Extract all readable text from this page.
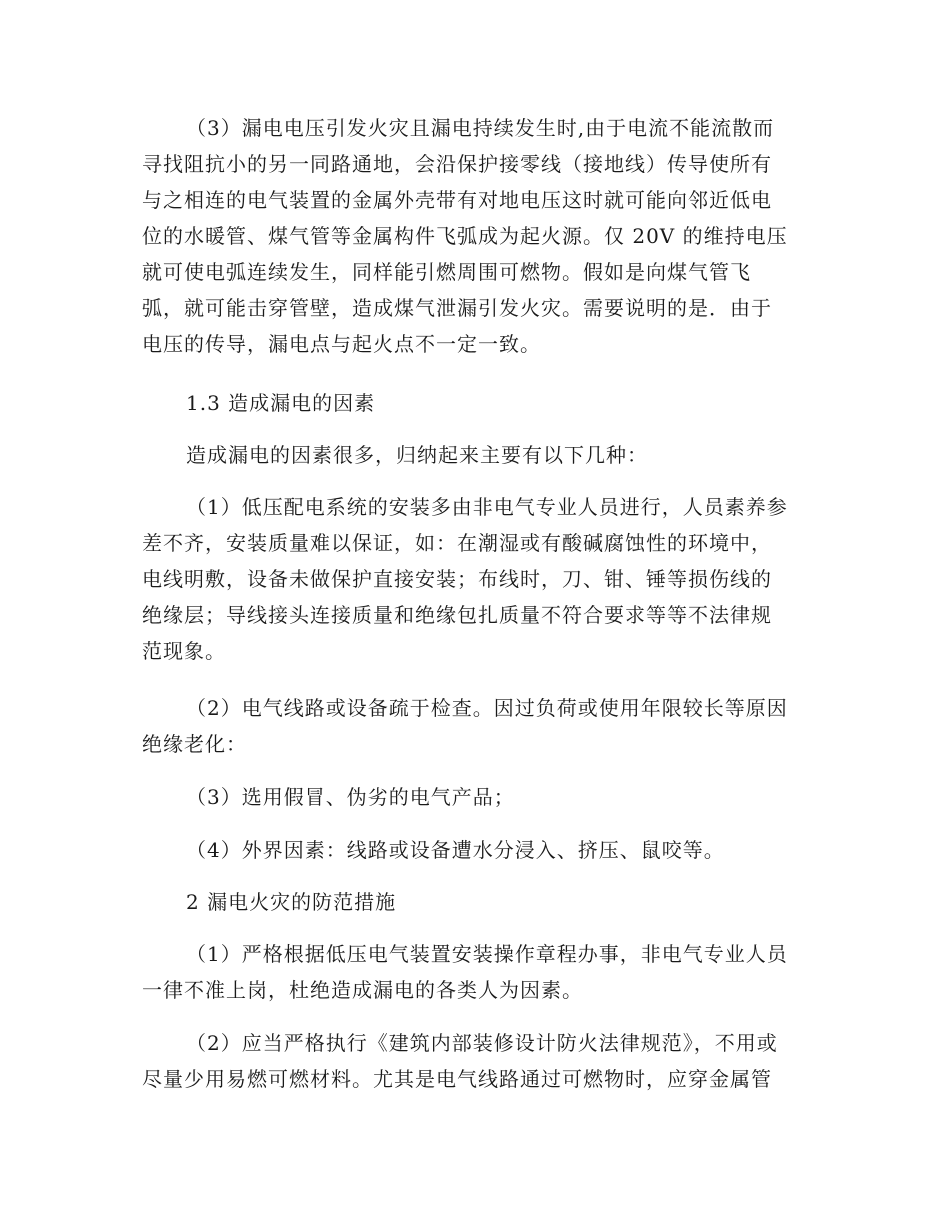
（3）漏电电压引发火灾且漏电持续发生时,由于电流不能流散而
寻找阻抗小的另一同路通地，会沿保护接零线（接地线）传导使所有
与之相连的电气装置的金属外壳带有对地电压这时就可能向邻近低电
位的水暖管、煤气管等金属构件飞弧成为起火源。仅 20V 的维持电压
就可使电弧连续发生，同样能引燃周围可燃物。假如是向煤气管飞
弧，就可能击穿管壁，造成煤气泄漏引发火灾。需要说明的是．由于
电压的传导，漏电点与起火点不一定一致。
1.3 造成漏电的因素
造成漏电的因素很多，归纳起来主要有以下几种：
（1）低压配电系统的安装多由非电气专业人员进行，人员素养参
差不齐，安装质量难以保证，如：在潮湿或有酸碱腐蚀性的环境中，
电线明敷，设备未做保护直接安装；布线时，刀、钳、锤等损伤线的
绝缘层；导线接头连接质量和绝缘包扎质量不符合要求等等不法律规
范现象。
（2）电气线路或设备疏于检查。因过负荷或使用年限较长等原因
绝缘老化：
（3）选用假冒、伪劣的电气产品；
（4）外界因素：线路或设备遭水分浸入、挤压、鼠咬等。
2 漏电火灾的防范措施
（1）严格根据低压电气装置安装操作章程办事，非电气专业人员
一律不准上岗，杜绝造成漏电的各类人为因素。
（2）应当严格执行《建筑内部装修设计防火法律规范》，不用或
尽量少用易燃可燃材料。尤其是电气线路通过可燃物时，应穿金属管
